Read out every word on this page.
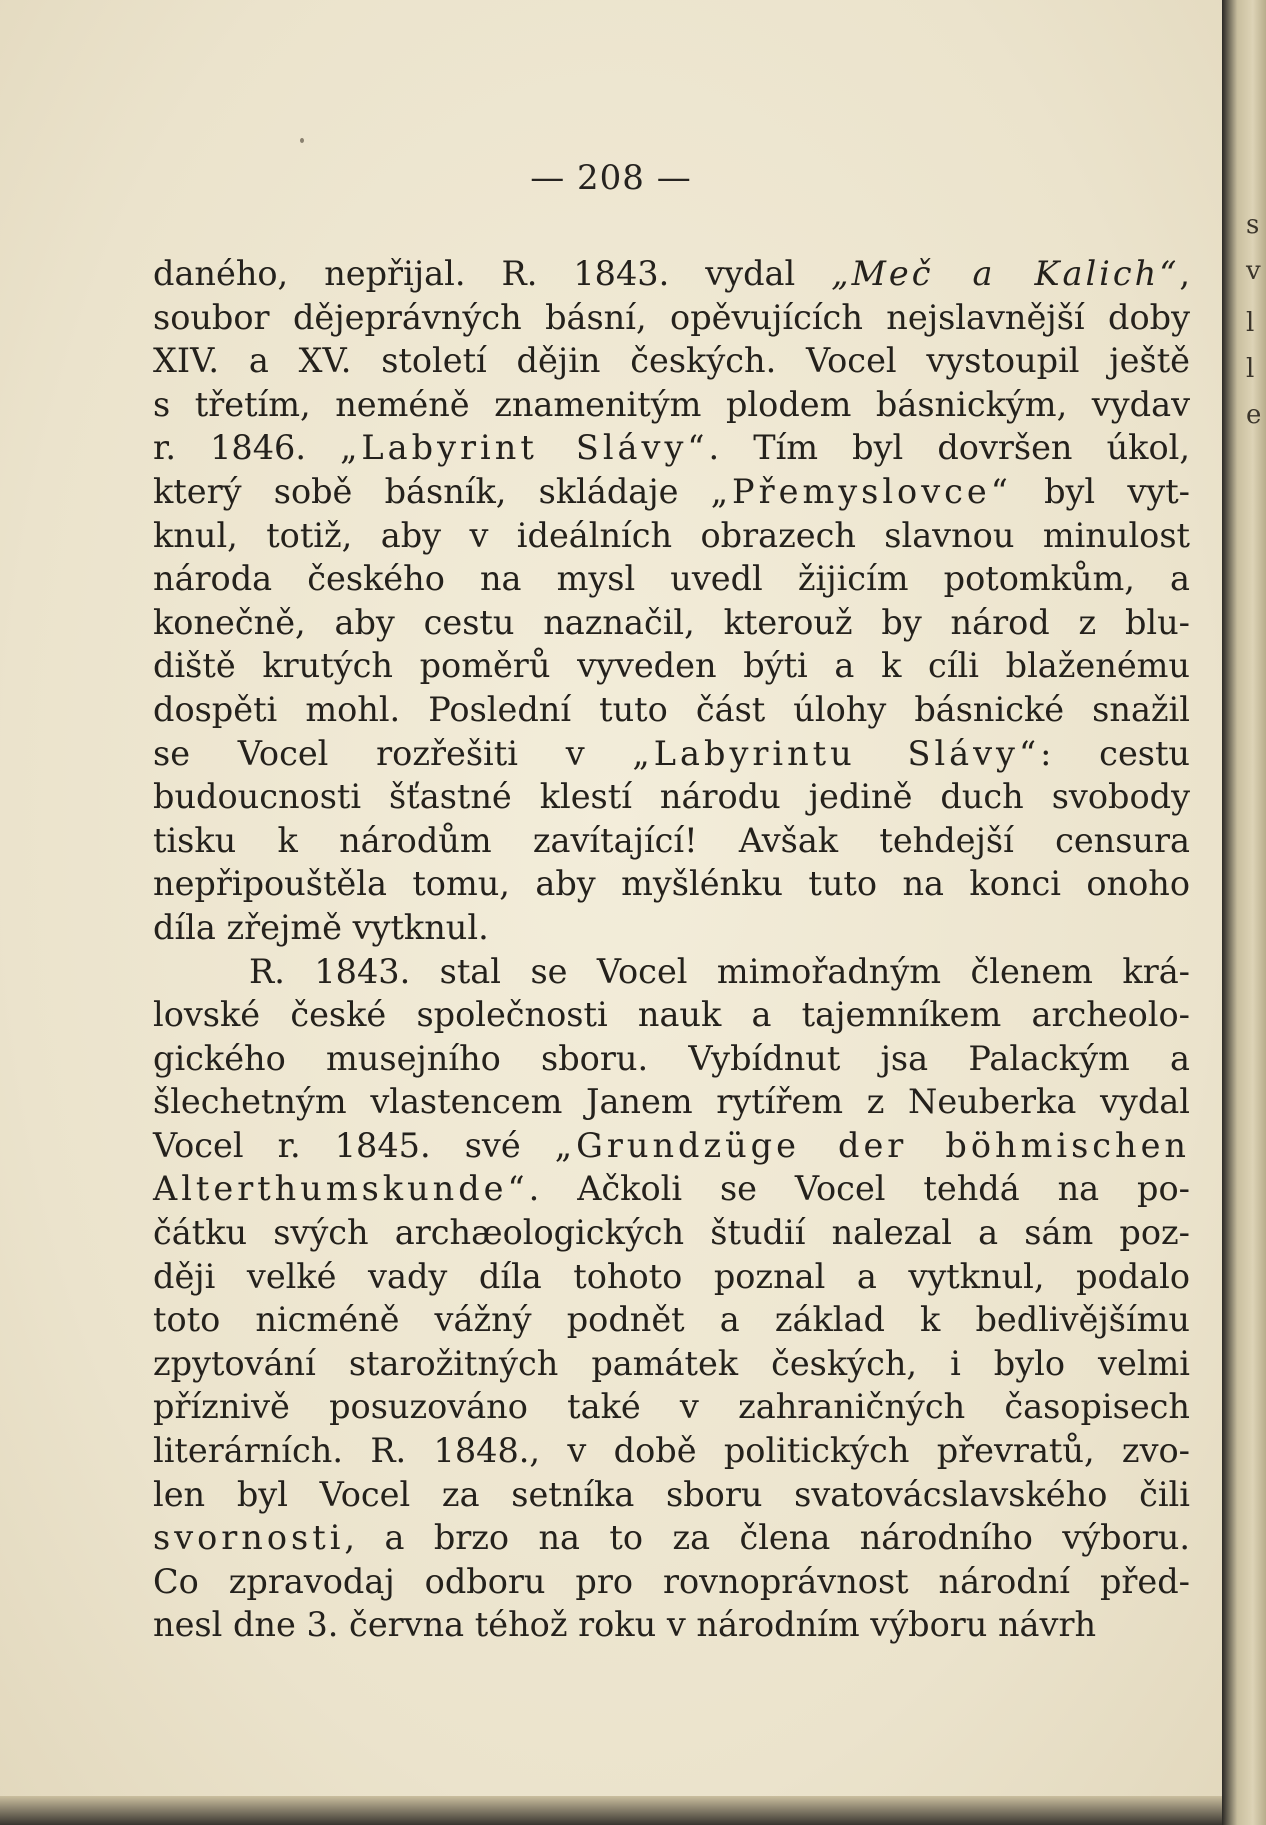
— 208 —
daného, nepřijal. R. 1843. vydal „Meč a Kalich“,
soubor dějeprávných básní, opěvujících nejslavnější doby
XIV. a XV. století dějin českých. Vocel vystoupil ještě
s třetím, neméně znamenitým plodem básnickým, vydav
r. 1846. „Labyrint Slávy“. Tím byl dovršen úkol,
který sobě básník, skládaje „Přemyslovce“ byl vyt-
knul, totiž, aby v ideálních obrazech slavnou minulost
národa českého na mysl uvedl žijicím potomkům, a
konečně, aby cestu naznačil, kterouž by národ z blu-
diště krutých poměrů vyveden býti a k cíli blaženému
dospěti mohl. Poslední tuto část úlohy básnické snažil
se Vocel rozřešiti v „Labyrintu Slávy“: cestu
budoucnosti šťastné klestí národu jedině duch svobody
tisku k národům zavítající! Avšak tehdejší censura
nepřipouštěla tomu, aby myšlénku tuto na konci onoho
díla zřejmě vytknul.
R. 1843. stal se Vocel mimořadným členem krá-
lovské české společnosti nauk a tajemníkem archeolo-
gického musejního sboru. Vybídnut jsa Palackým a
šlechetným vlastencem Janem rytířem z Neuberka vydal
Vocel r. 1845. své „Grundzüge der böhmischen
Alterthumskunde“. Ačkoli se Vocel tehdá na po-
čátku svých archæologických študií nalezal a sám poz-
ději velké vady díla tohoto poznal a vytknul, podalo
toto nicméně vážný podnět a základ k bedlivějšímu
zpytování starožitných památek českých, i bylo velmi
příznivě posuzováno také v zahraničných časopisech
literárních. R. 1848., v době politických převratů, zvo-
len byl Vocel za setníka sboru svatovácslavského čili
svornosti, a brzo na to za člena národního výboru.
Co zpravodaj odboru pro rovnoprávnost národní před-
nesl dne 3. června téhož roku v národním výboru návrh
s
v
l
l
e
